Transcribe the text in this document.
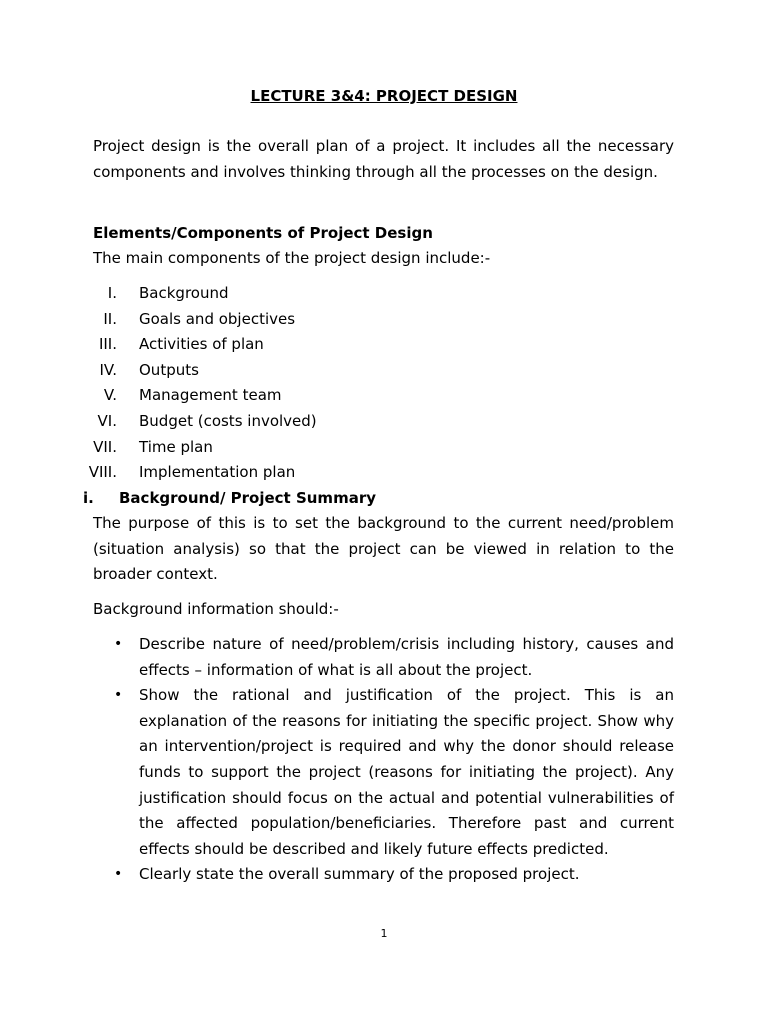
LECTURE 3&4: PROJECT DESIGN

Project design is the overall plan of a project. It includes all the necessary components and involves thinking through all the processes on the design.

Elements/Components of Project Design

The main components of the project design include:-

I. Background
II. Goals and objectives
III. Activities of plan
IV. Outputs
V. Management team
VI. Budget (costs involved)
VII. Time plan
VIII. Implementation plan

i. Background/ Project Summary

The purpose of this is to set the background to the current need/problem (situation analysis) so that the project can be viewed in relation to the broader context.

Background information should:-

• Describe nature of need/problem/crisis including history, causes and effects – information of what is all about the project.
• Show the rational and justification of the project. This is an explanation of the reasons for initiating the specific project. Show why an intervention/project is required and why the donor should release funds to support the project (reasons for initiating the project). Any justification should focus on the actual and potential vulnerabilities of the affected population/beneficiaries. Therefore past and current effects should be described and likely future effects predicted.
• Clearly state the overall summary of the proposed project.
1
